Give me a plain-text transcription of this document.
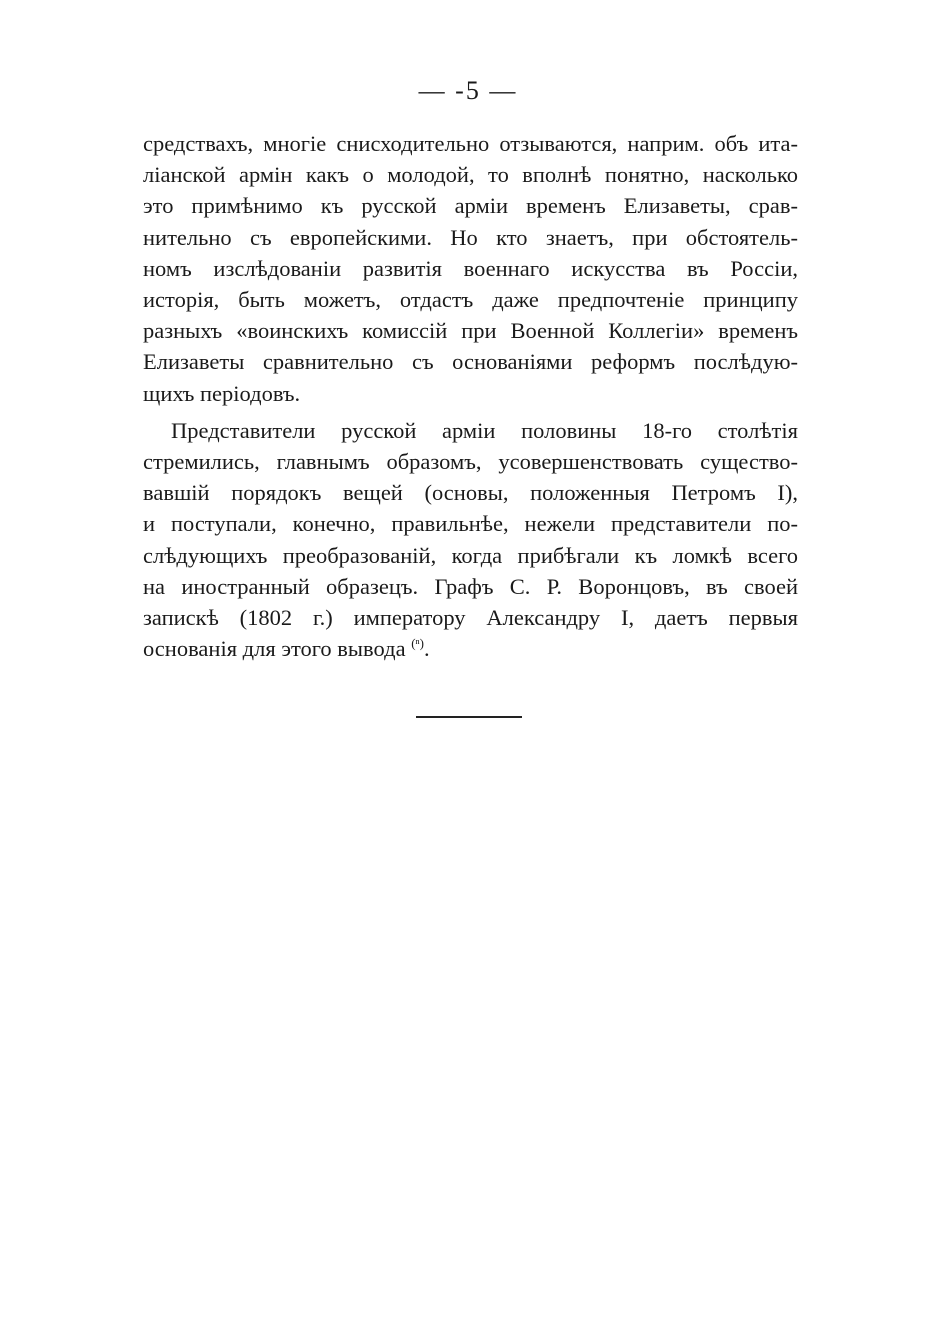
— -5 —

средствахъ, многіе снисходительно отзываются, наприм. объ ита-
ліанской армін какъ о молодой, то вполнѣ понятно, насколько
это примѣнимо къ русской арміи временъ Елизаветы, срав-
нительно съ европейскими. Но кто знаетъ, при обстоятель-
номъ изслѣдованіи развитія военнаго искусства въ Россіи,
исторія, быть можетъ, отдастъ даже предпочтеніе принципу
разныхъ «воинскихъ комиссій при Военной Коллегіи» временъ
Елизаветы сравнительно съ основаніями реформъ послѣдую-
щихъ періодовъ.

Представители русской арміи половины 18-го столѣтія
стремились, главнымъ образомъ, усовершенствовать существо-
вавшій порядокъ вещей (основы, положенныя Петромъ I),
и поступали, конечно, правильнѣе, нежели представители по-
слѣдующихъ преобразованій, когда прибѣгали къ ломкѣ всего
на иностранный образецъ. Графъ С. Р. Воронцовъ, въ своей
запискѣ (1802 г.) императору Александру I, даетъ первыя
основанія для этого вывода $^{(^n)}$.
